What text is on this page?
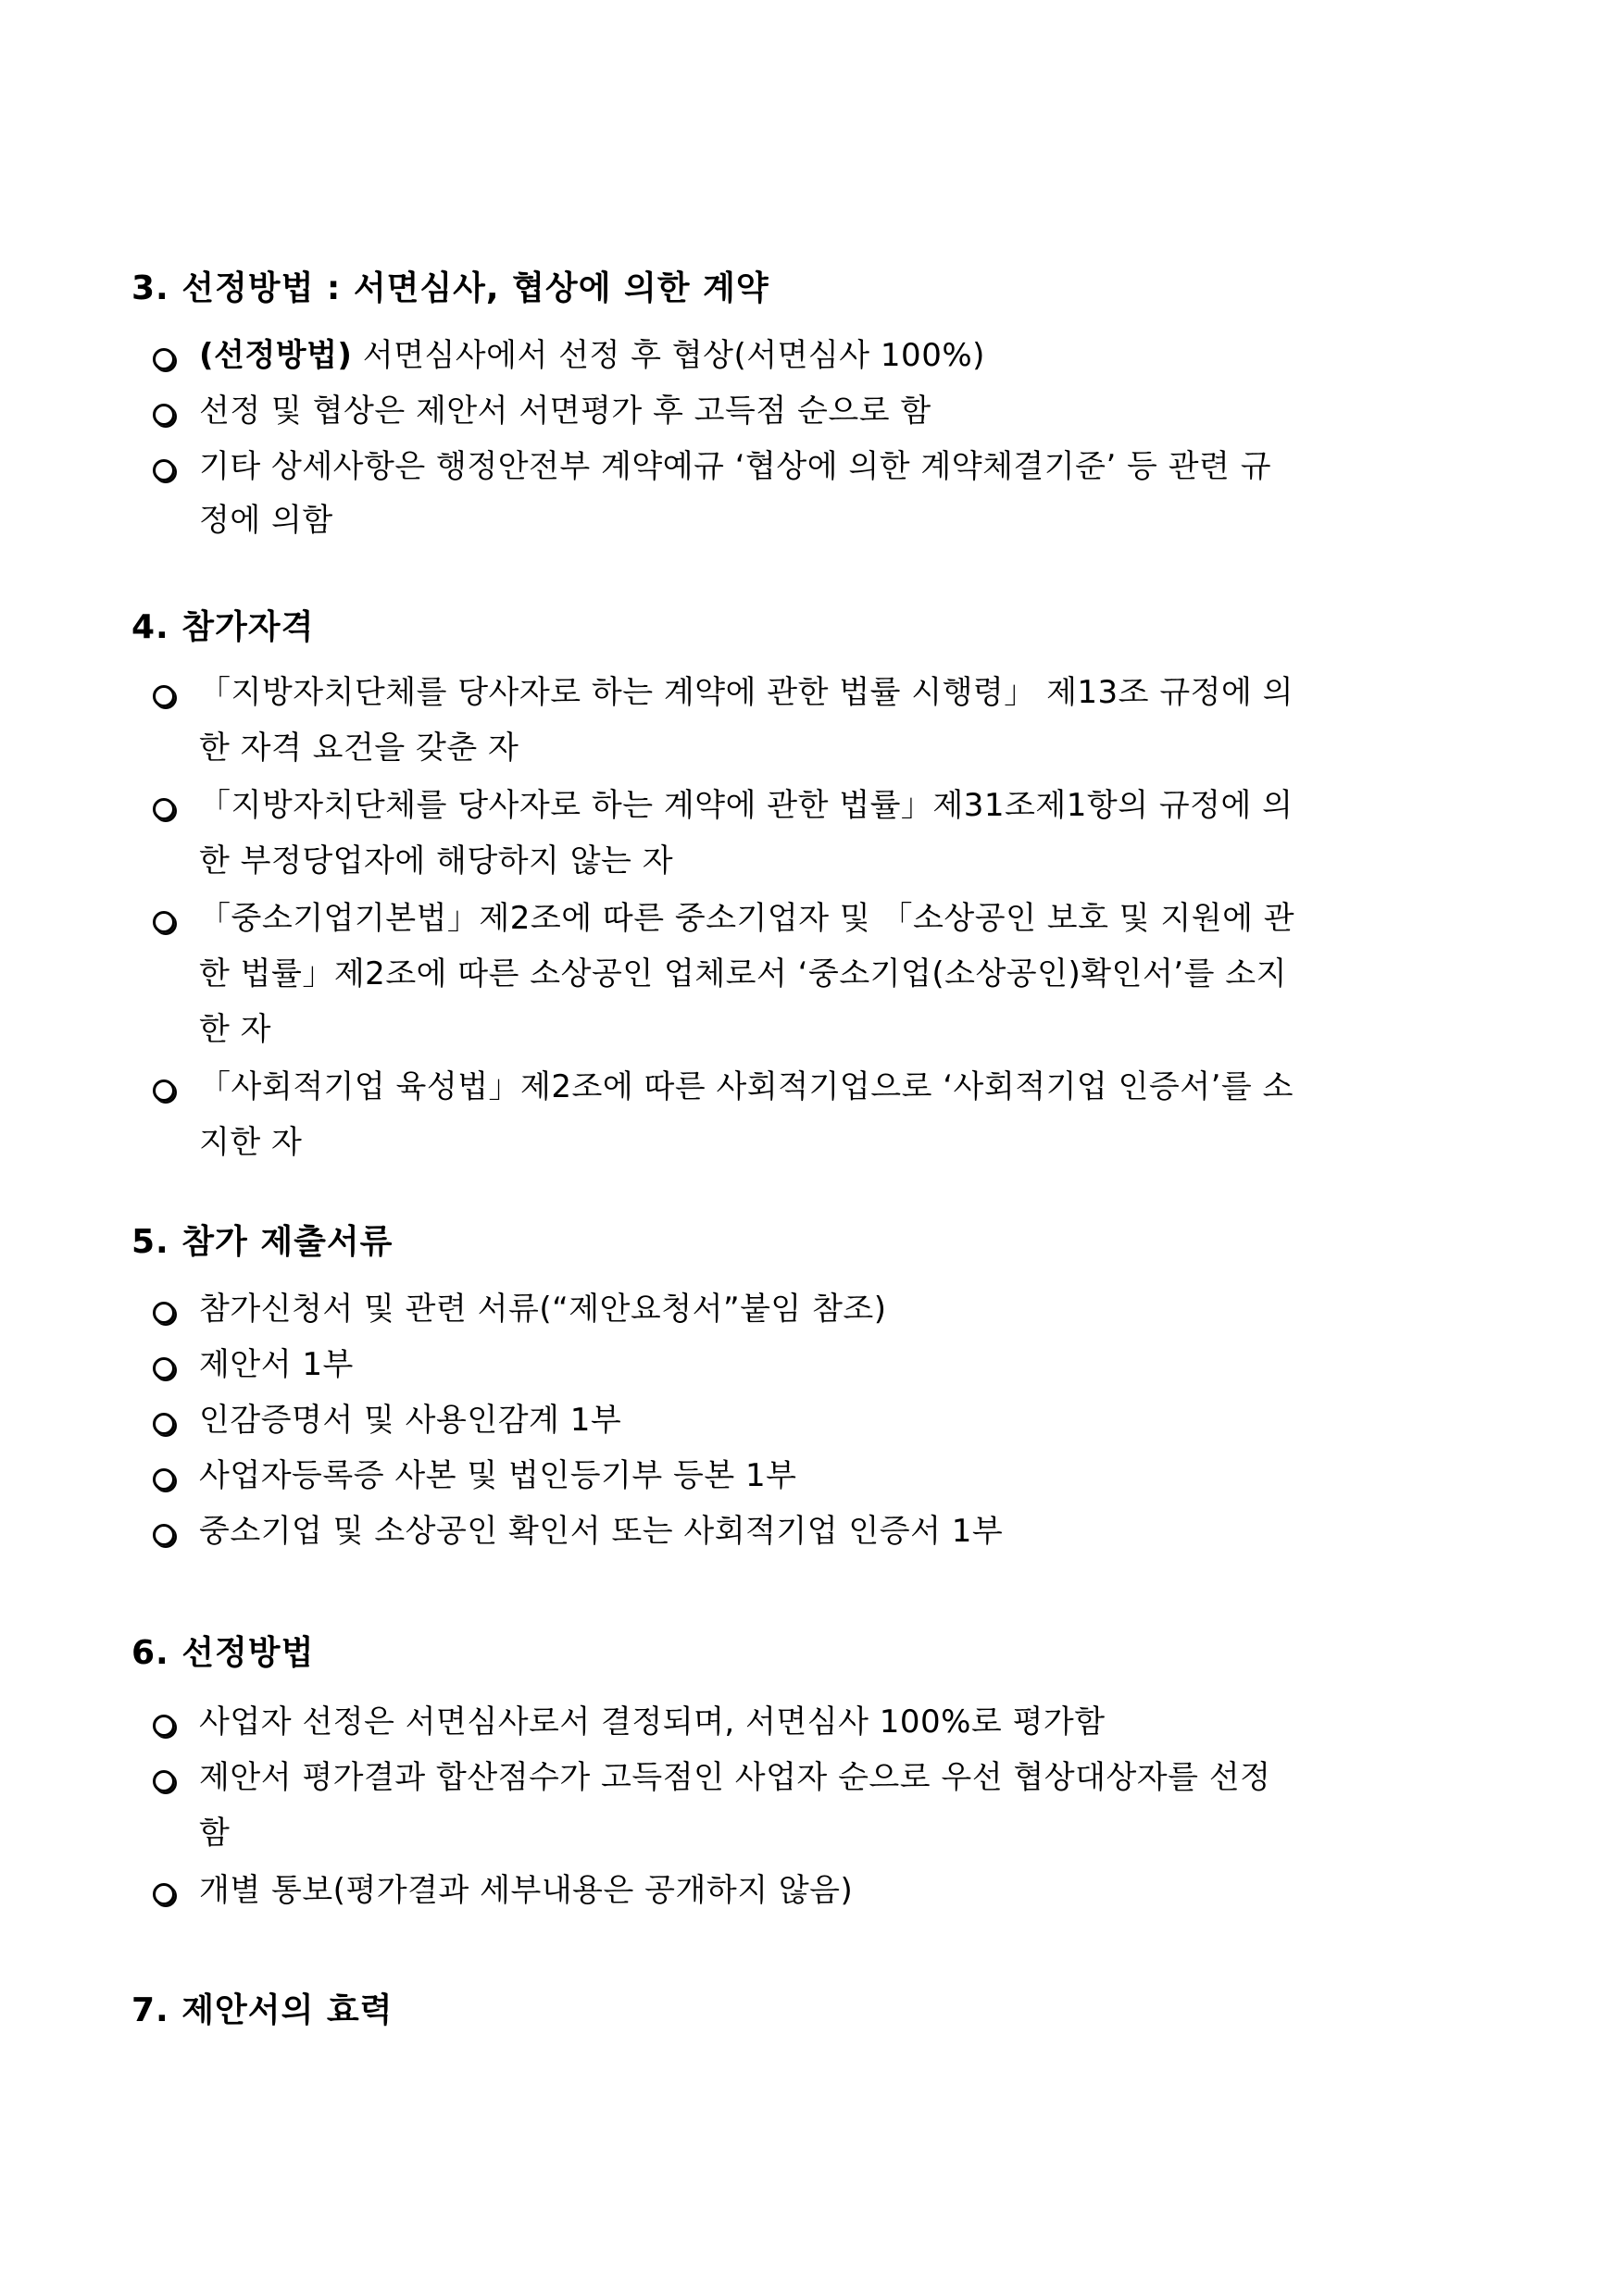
3. 선정방법 : 서면심사, 협상에 의한 계약
(선정방법) 서면심사에서 선정 후 협상(서면심사 100%)
선정 및 협상은 제안서 서면평가 후 고득점 순으로 함
기타 상세사항은 행정안전부 계약예규 ‘협상에 의한 계약체결기준’ 등 관련 규
정에 의함
4. 참가자격
「지방자치단체를 당사자로 하는 계약에 관한 법률 시행령」 제13조 규정에 의
한 자격 요건을 갖춘 자
「지방자치단체를 당사자로 하는 계약에 관한 법률」제31조제1항의 규정에 의
한 부정당업자에 해당하지 않는 자
「중소기업기본법」제2조에 따른 중소기업자 및 「소상공인 보호 및 지원에 관
한 법률」제2조에 따른 소상공인 업체로서 ‘중소기업(소상공인)확인서’를 소지
한 자
「사회적기업 육성법」제2조에 따른 사회적기업으로 ‘사회적기업 인증서’를 소
지한 자
5. 참가 제출서류
참가신청서 및 관련 서류(“제안요청서”붙임 참조)
제안서 1부
인감증명서 및 사용인감계 1부
사업자등록증 사본 및 법인등기부 등본 1부
중소기업 및 소상공인 확인서 또는 사회적기업 인증서 1부
6. 선정방법
사업자 선정은 서면심사로서 결정되며, 서면심사 100%로 평가함
제안서 평가결과 합산점수가 고득점인 사업자 순으로 우선 협상대상자를 선정
함
개별 통보(평가결과 세부내용은 공개하지 않음)
7. 제안서의 효력
